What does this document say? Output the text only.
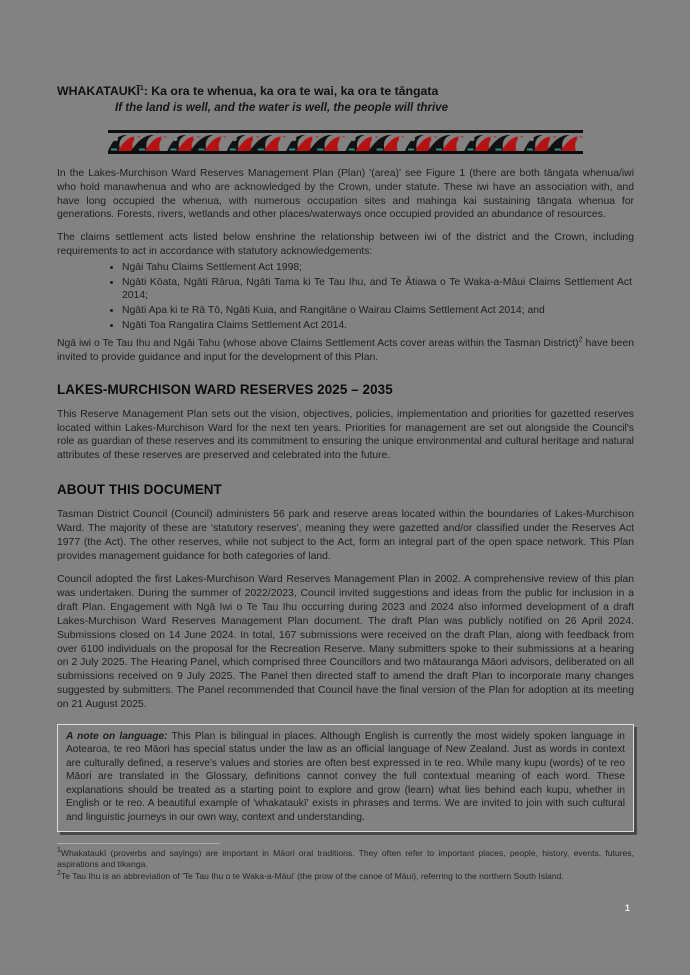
WHAKATAUKĪ$^1$: Ka ora te whenua, ka ora te wai, ka ora te tāngata

If the land is well, and the water is well, the people will thrive

In the Lakes-Murchison Ward Reserves Management Plan (Plan) '(area)' see Figure 1 (there are both tāngata whenua/iwi who hold manawhenua and who are acknowledged by the Crown, under statute. These iwi have an association with, and have long occupied the whenua, with numerous occupation sites and mahinga kai sustaining tāngata whenua for generations. Forests, rivers, wetlands and other places/waterways once occupied provided an abundance of resources.

The claims settlement acts listed below enshrine the relationship between iwi of the district and the Crown, including requirements to act in accordance with statutory acknowledgements:

• Ngāi Tahu Claims Settlement Act 1998;
• Ngāti Kōata, Ngāti Rārua, Ngāti Tama ki Te Tau Ihu, and Te Ātiawa o Te Waka-a-Māui Claims Settlement Act 2014;
• Ngāti Apa ki te Rā Tō, Ngāti Kuia, and Rangitāne o Wairau Claims Settlement Act 2014; and
• Ngāti Toa Rangatira Claims Settlement Act 2014.

Ngā iwi o Te Tau Ihu and Ngāi Tahu (whose above Claims Settlement Acts cover areas within the Tasman District)$^2$ have been invited to provide guidance and input for the development of this Plan.

LAKES-MURCHISON WARD RESERVES 2025 – 2035

This Reserve Management Plan sets out the vision, objectives, policies, implementation and priorities for gazetted reserves located within Lakes-Murchison Ward for the next ten years. Priorities for management are set out alongside the Council's role as guardian of these reserves and its commitment to ensuring the unique environmental and cultural heritage and natural attributes of these reserves are preserved and celebrated into the future.

ABOUT THIS DOCUMENT

Tasman District Council (Council) administers 56 park and reserve areas located within the boundaries of Lakes-Murchison Ward. The majority of these are 'statutory reserves', meaning they were gazetted and/or classified under the Reserves Act 1977 (the Act). The other reserves, while not subject to the Act, form an integral part of the open space network. This Plan provides management guidance for both categories of land.

Council adopted the first Lakes-Murchison Ward Reserves Management Plan in 2002. A comprehensive review of this plan was undertaken. During the summer of 2022/2023, Council invited suggestions and ideas from the public for inclusion in a draft Plan. Engagement with Ngā Iwi o Te Tau Ihu occurring during 2023 and 2024 also informed development of a draft Lakes-Murchison Ward Reserves Management Plan document. The draft Plan was publicly notified on 26 April 2024. Submissions closed on 14 June 2024. In total, 167 submissions were received on the draft Plan, along with feedback from over 6100 individuals on the proposal for the Recreation Reserve. Many submitters spoke to their submissions at a hearing on 2 July 2025. The Hearing Panel, which comprised three Councillors and two mātauranga Māori advisors, deliberated on all submissions received on 9 July 2025. The Panel then directed staff to amend the draft Plan to incorporate many changes suggested by submitters. The Panel recommended that Council have the final version of the Plan for adoption at its meeting on 21 August 2025.

A note on language: This Plan is bilingual in places. Although English is currently the most widely spoken language in Aotearoa, te reo Māori has special status under the law as an official language of New Zealand. Just as words in context are culturally defined, a reserve's values and stories are often best expressed in te reo. While many kupu (words) of te reo Māori are translated in the Glossary, definitions cannot convey the full contextual meaning of each word. These explanations should be treated as a starting point to explore and grow (learn) what lies behind each kupu, whether in English or te reo. A beautiful example of 'whakataukī' exists in phrases and terms. We are invited to join with such cultural and linguistic journeys in our own way, context and understanding.

$^1$Whakataukī (proverbs and sayings) are important in Māori oral traditions. They often refer to important places, people, history, events, futures, aspirations and tikanga.

$^2$Te Tau Ihu is an abbreviation of 'Te Tau Ihu o te Waka-a-Māui' (the prow of the canoe of Māui), referring to the northern South Island.

1
